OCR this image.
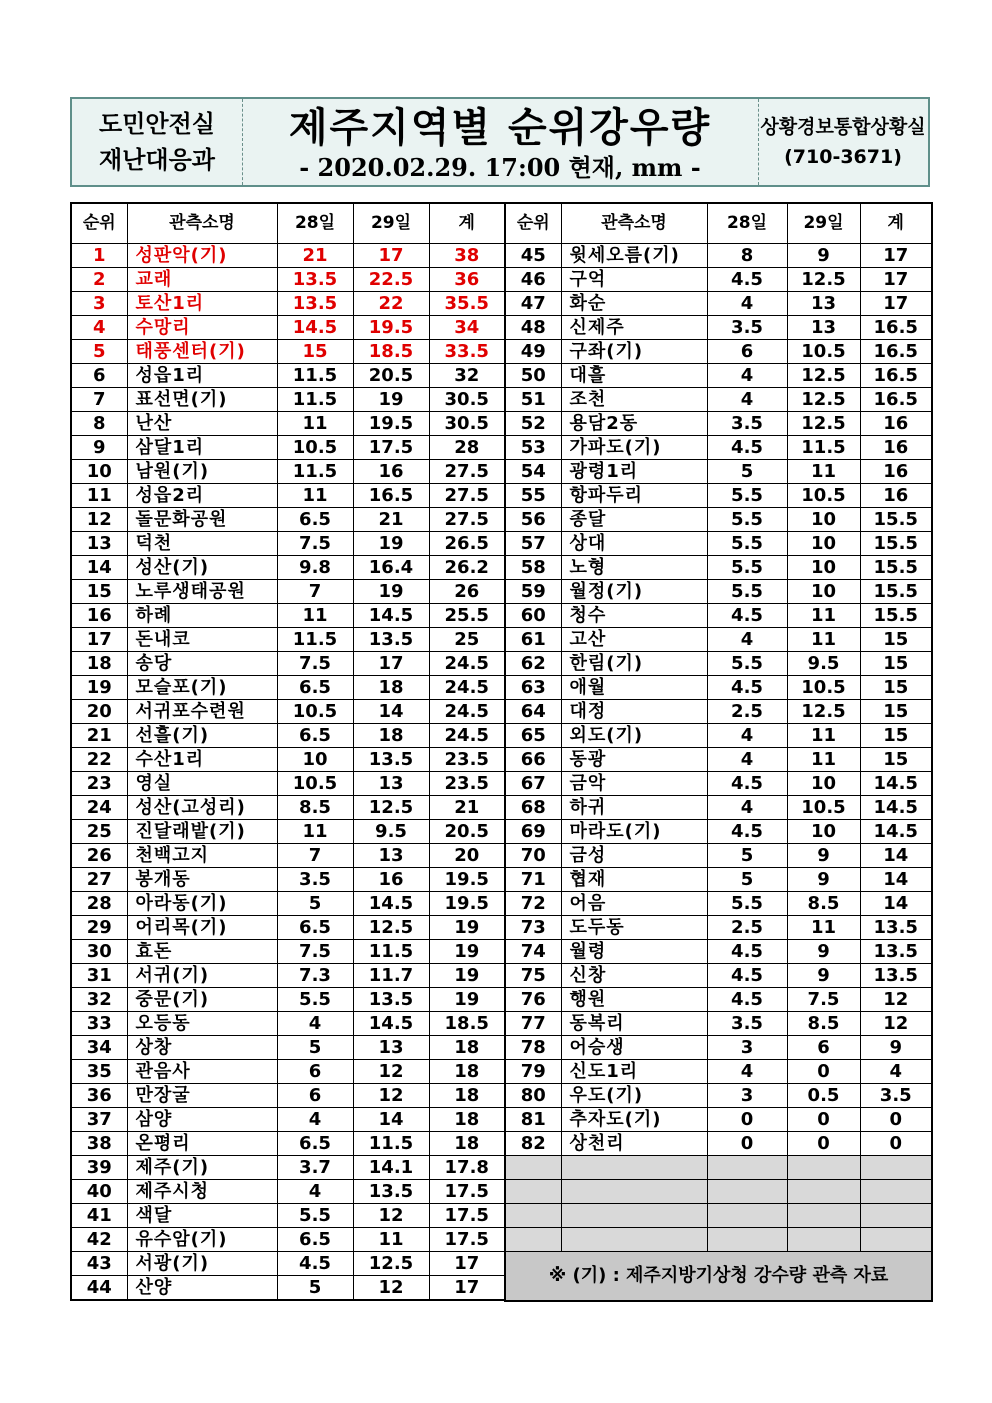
도민안전실
재난대응과
제주지역별 순위강우량
- 2020.02.29. 17:00 현재, mm -
상황경보통합상황실
(710-3671)
순위	관측소명	28일	29일	계
1	성판악(기)	21	17	38
2	교래	13.5	22.5	36
3	토산1리	13.5	22	35.5
4	수망리	14.5	19.5	34
5	태풍센터(기)	15	18.5	33.5
6	성읍1리	11.5	20.5	32
7	표선면(기)	11.5	19	30.5
8	난산	11	19.5	30.5
9	삼달1리	10.5	17.5	28
10	남원(기)	11.5	16	27.5
11	성읍2리	11	16.5	27.5
12	돌문화공원	6.5	21	27.5
13	덕천	7.5	19	26.5
14	성산(기)	9.8	16.4	26.2
15	노루생태공원	7	19	26
16	하례	11	14.5	25.5
17	돈내코	11.5	13.5	25
18	송당	7.5	17	24.5
19	모슬포(기)	6.5	18	24.5
20	서귀포수련원	10.5	14	24.5
21	선흘(기)	6.5	18	24.5
22	수산1리	10	13.5	23.5
23	영실	10.5	13	23.5
24	성산(고성리)	8.5	12.5	21
25	진달래밭(기)	11	9.5	20.5
26	천백고지	7	13	20
27	봉개동	3.5	16	19.5
28	아라동(기)	5	14.5	19.5
29	어리목(기)	6.5	12.5	19
30	효돈	7.5	11.5	19
31	서귀(기)	7.3	11.7	19
32	중문(기)	5.5	13.5	19
33	오등동	4	14.5	18.5
34	상창	5	13	18
35	관음사	6	12	18
36	만장굴	6	12	18
37	삼양	4	14	18
38	온평리	6.5	11.5	18
39	제주(기)	3.7	14.1	17.8
40	제주시청	4	13.5	17.5
41	색달	5.5	12	17.5
42	유수암(기)	6.5	11	17.5
43	서광(기)	4.5	12.5	17
44	산양	5	12	17
순위	관측소명	28일	29일	계
45	윗세오름(기)	8	9	17
46	구억	4.5	12.5	17
47	화순	4	13	17
48	신제주	3.5	13	16.5
49	구좌(기)	6	10.5	16.5
50	대흘	4	12.5	16.5
51	조천	4	12.5	16.5
52	용담2동	3.5	12.5	16
53	가파도(기)	4.5	11.5	16
54	광령1리	5	11	16
55	항파두리	5.5	10.5	16
56	종달	5.5	10	15.5
57	상대	5.5	10	15.5
58	노형	5.5	10	15.5
59	월정(기)	5.5	10	15.5
60	청수	4.5	11	15.5
61	고산	4	11	15
62	한림(기)	5.5	9.5	15
63	애월	4.5	10.5	15
64	대정	2.5	12.5	15
65	외도(기)	4	11	15
66	동광	4	11	15
67	금악	4.5	10	14.5
68	하귀	4	10.5	14.5
69	마라도(기)	4.5	10	14.5
70	금성	5	9	14
71	협재	5	9	14
72	어음	5.5	8.5	14
73	도두동	2.5	11	13.5
74	월령	4.5	9	13.5
75	신창	4.5	9	13.5
76	행원	4.5	7.5	12
77	동복리	3.5	8.5	12
78	어승생	3	6	9
79	신도1리	4	0	4
80	우도(기)	3	0.5	3.5
81	추자도(기)	0	0	0
82	상천리	0	0	0

※ (기) : 제주지방기상청 강수량 관측 자료				
